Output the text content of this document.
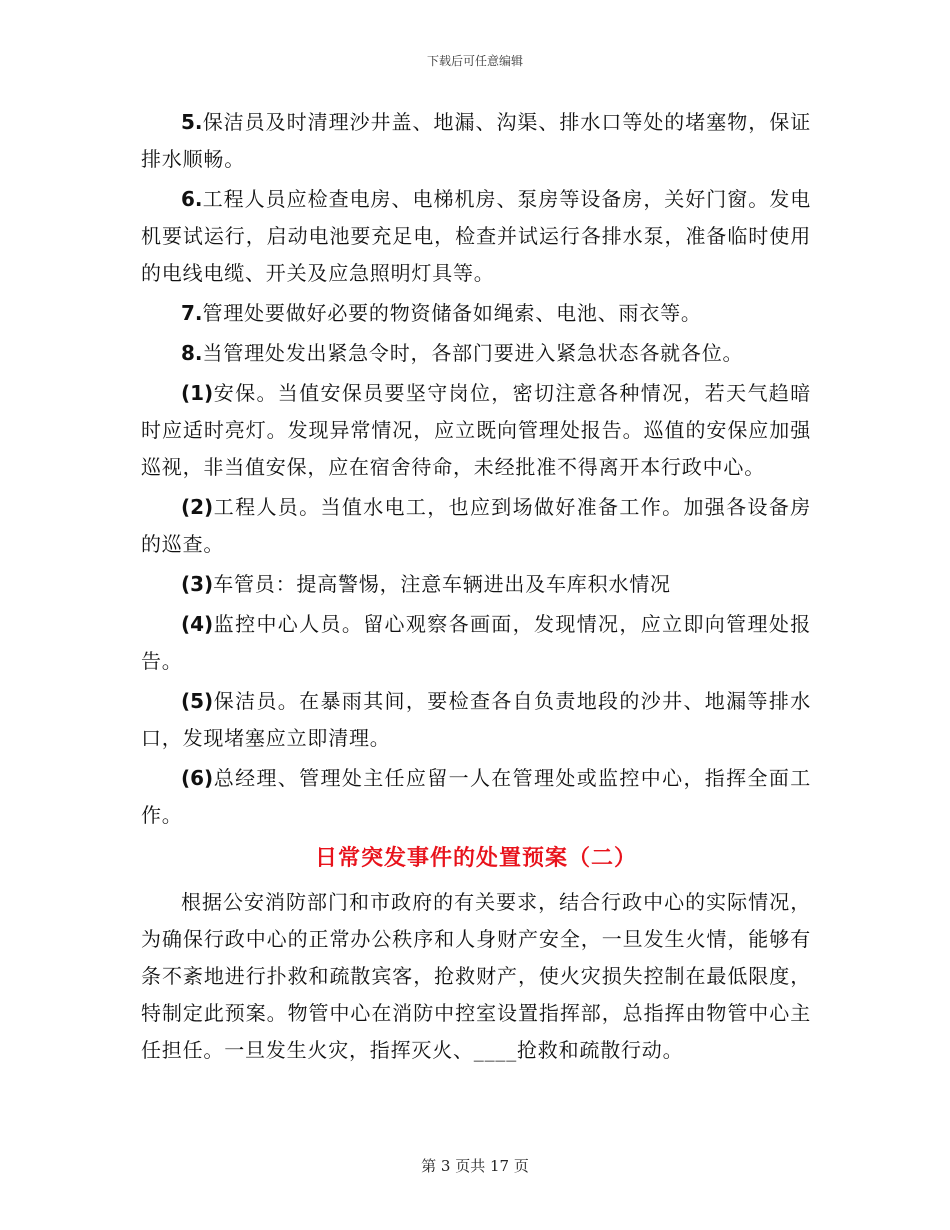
下载后可任意编辑
5.保洁员及时清理沙井盖、地漏、沟渠、排水口等处的堵塞物，保证排水顺畅。
6.工程人员应检查电房、电梯机房、泵房等设备房，关好门窗。发电机要试运行，启动电池要充足电，检查并试运行各排水泵，准备临时使用的电线电缆、开关及应急照明灯具等。
7.管理处要做好必要的物资储备如绳索、电池、雨衣等。
8.当管理处发出紧急令时，各部门要进入紧急状态各就各位。
(1)安保。当值安保员要坚守岗位，密切注意各种情况，若天气趋暗时应适时亮灯。发现异常情况，应立既向管理处报告。巡值的安保应加强巡视，非当值安保，应在宿舍待命，未经批准不得离开本行政中心。
(2)工程人员。当值水电工，也应到场做好准备工作。加强各设备房的巡查。
(3)车管员：提高警惕，注意车辆进出及车库积水情况
(4)监控中心人员。留心观察各画面，发现情况，应立即向管理处报告。
(5)保洁员。在暴雨其间，要检查各自负责地段的沙井、地漏等排水口，发现堵塞应立即清理。
(6)总经理、管理处主任应留一人在管理处或监控中心，指挥全面工作。
日常突发事件的处置预案（二）
根据公安消防部门和市政府的有关要求，结合行政中心的实际情况，为确保行政中心的正常办公秩序和人身财产安全，一旦发生火情，能够有条不紊地进行扑救和疏散宾客，抢救财产，使火灾损失控制在最低限度，特制定此预案。物管中心在消防中控室设置指挥部，总指挥由物管中心主任担任。一旦发生火灾，指挥灭火、____抢救和疏散行动。
第 3 页共 17 页
